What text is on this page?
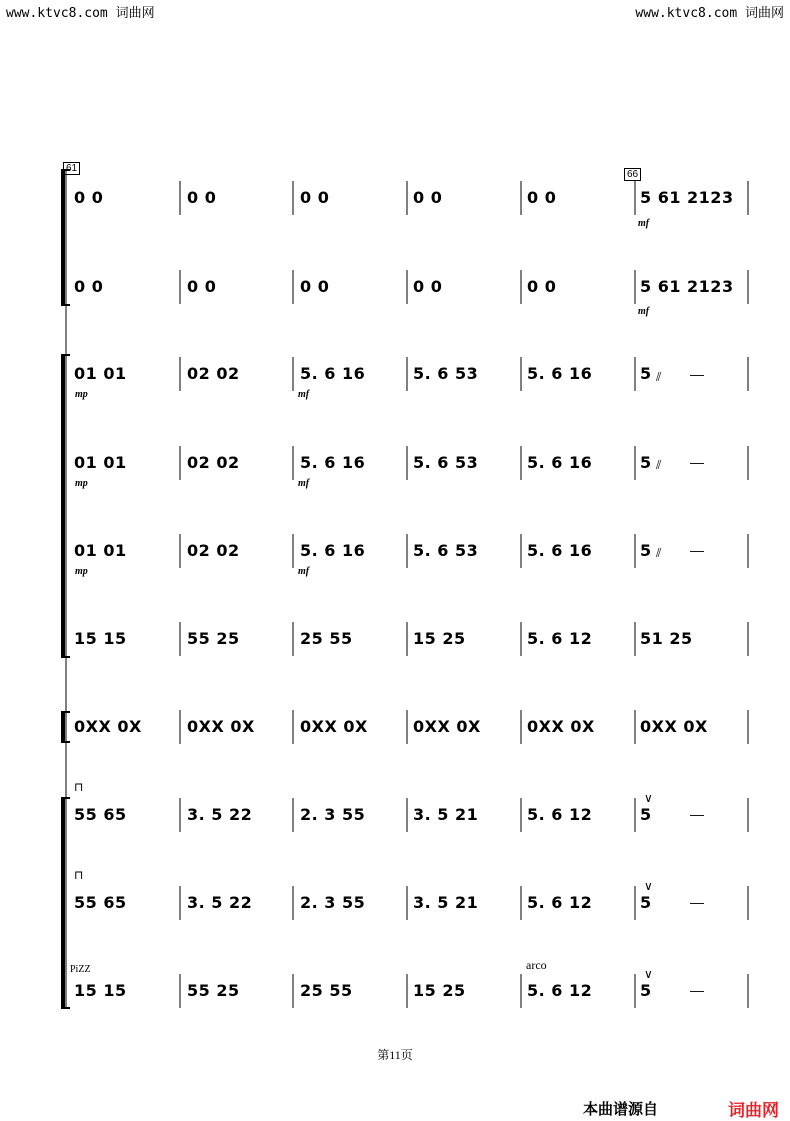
www.ktvc8.com 词曲网	www.ktvc8.com 词曲网
61
66
0 0	0 0	0 0	0 0	0 0	5 61 2123
0 0	0 0	0 0	0 0	0 0	5 61 2123
01 01	02 02	5. 6 16	5. 6 53	5. 6 16	5
01 01	02 02	5. 6 16	5. 6 53	5. 6 16	5
01 01	02 02	5. 6 16	5. 6 53	5. 6 16	5
15 15	55 25	25 55	15 25	5. 6 12	51 25
0XX 0X	0XX 0X	0XX 0X	0XX 0X	0XX 0X	0XX 0X
55 65	3. 5 22	2. 3 55	3. 5 21	5. 6 12	5
55 65	3. 5 22	2. 3 55	3. 5 21	5. 6 12	5
15 15	55 25	25 55	15 25	5. 6 12	5
mf
mf
mp	mf
mp	mf
mp	mf
PiZZ	arco
⊓
⊓
∨
∨
∨
⫽
⫽
⫽
—
—
—
—
—
—
第11页
本曲谱源自	词曲网
